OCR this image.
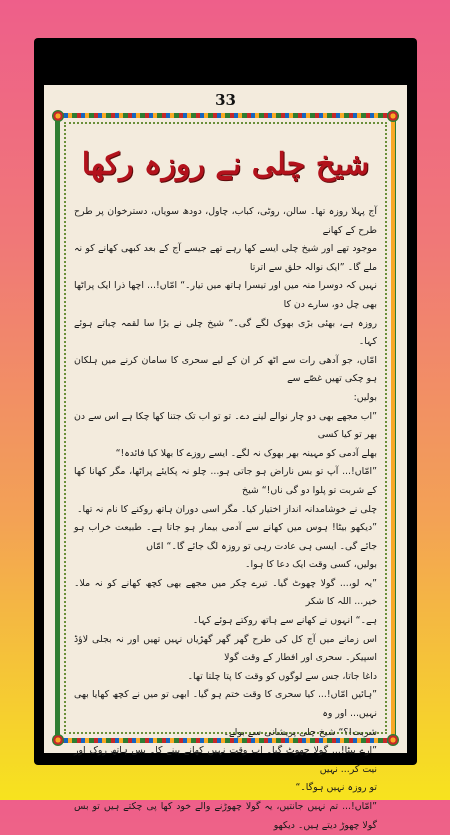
33
شیخ چلی نے روزہ رکھا

آج پہلا روزہ تھا۔ سالن، روٹی، کباب، چاول، دودھ سویاں، دسترخوان پر طرح طرح کے کھانے

موجود تھے اور شیخ چلی ایسے کھا رہے تھے جیسے آج کے بعد کبھی کھانے کو نہ ملے گا۔ ”ایک نوالہ حلق سے اترتا

نہیں کہ دوسرا منہ میں اور تیسرا ہاتھ میں تیار۔“ امّاں!... اچھا ذرا ایک پراٹھا بھی چل دو، سارے دن کا

روزہ ہے، بھئی بڑی بھوک لگے گی۔“ شیخ چلی نے بڑا سا لقمہ چباتے ہوئے کہا۔

امّاں، جو آدھی رات سے اٹھ کر ان کے لیے سحری کا سامان کرنے میں ہلکان ہو چکی تھیں غصّے سے

بولیں:

”اب مجھے بھی دو چار نوالے لینے دے۔ تو تو اب تک جتنا کھا چکا ہے اس سے دن بھر تو کیا کسی

بھلے آدمی کو مہینہ بھر بھوک نہ لگے۔ ایسے روزے کا بھلا کیا فائدہ!“

”امّاں!... آپ تو بس ناراض ہو جاتی ہو... چلو نہ پکایئے پراٹھا، مگر کھانا کھا کے شربت تو پلوا دو گی ناں!“ شیخ

چلی نے خوشامدانہ انداز اختیار کیا۔ مگر اسی دوران ہاتھ روکنے کا نام نہ تھا۔

”دیکھو بیٹا! ہوس میں کھانے سے آدمی بیمار ہو جاتا ہے۔ طبیعت خراب ہو جائے گی۔ ایسی ہی عادت رہی تو روزہ لگ جائے گا۔“ امّاں

بولیں، کسی وقت ایک دعا کا ہوا۔

”یہ لو،... گولا چھوٹ گیا۔ تیرے چکر میں مجھے بھی کچھ کھانے کو نہ ملا۔ خیر... اللہ کا شکر

ہے۔“ انہوں نے کھانے سے ہاتھ روکتے ہوئے کہا۔

اس زمانے میں آج کل کی طرح گھر گھر گھڑیاں نہیں تھیں اور نہ بجلی لاؤڈ اسپیکر۔ سحری اور افطار کے وقت گولا

داغا جاتا، جس سے لوگوں کو وقت کا پتا چلتا تھا۔

”ہائیں امّاں!... کیا سحری کا وقت ختم ہو گیا۔ ابھی تو میں نے کچھ کھایا بھی نہیں... اور وہ

شربت!؟“ شیخ چلی پریشانی سے بولے۔

”ارے بیٹا!... گولا چھوٹ گیا۔ اب وقت نہیں کھانے پینے کا۔ بس ہاتھ روک اور نیت کر... نہیں

تو روزہ نہیں ہوگا۔“

”امّاں!... تم نہیں جانتیں، یہ گولا چھوڑنے والے خود کھا پی چکتے ہیں تو بس گولا چھوڑ دیتے ہیں۔ دیکھو
